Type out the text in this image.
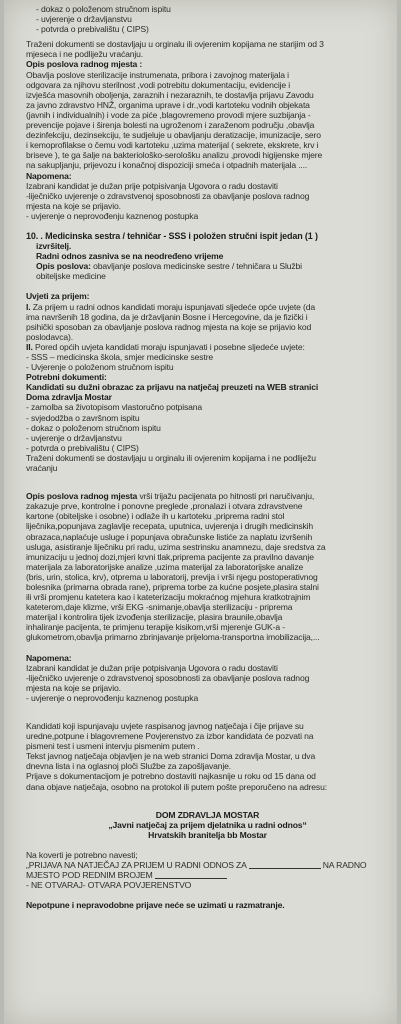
- dokaz o položenom stručnom ispitu
- uvjerenje o državljanstvu
- potvrda o prebivalištu ( CIPS)
Traženi dokumenti se dostavljaju u orginalu ili ovjerenim kopijama ne starijim od 3
mjeseca i ne podliježu vraćanju.
Opis poslova radnog mjesta :
Obavlja poslove sterilizacije instrumenata, pribora i zavojnog materijala i
odgovara za njihovu sterilnost ,vodi potrebitu dokumentaciju, evidencije i
izvješća masovnih oboljenja, zaraznih i nezaraznih, te dostavlja prijavu Zavodu
za javno zdravstvo HNŽ, organima uprave i dr.,vodi kartoteku vodnih objekata
(javnih i individualnih) i vode za piće ,blagovremeno provodi mjere suzbijanja -
prevencije pojave i širenja bolesti na ugroženom i zaraženom području ,obavlja
dezinfekciju, dezinsekciju, te sudjeluje u obavljanju deratizacije, imunizacije, sero
i kemoprofilakse o čemu vodi kartoteku ,uzima materijal ( sekrete, ekskrete, krv i
briseve ), te ga šalje na bakteriološko-serološku analizu ,provodi higijenske mjere
na sakupljanju, prijevozu i konačnoj dispoziciji smeća i otpadnih materijala ....
Napomena:
Izabrani kandidat je dužan prije potpisivanja Ugovora o radu dostaviti
-liječničko uvjerenje o zdravstvenoj sposobnosti za obavljanje poslova radnog
mjesta na koje se prijavio.
- uvjerenje o neprovođenju kaznenog postupka
10. . Medicinska sestra / tehničar - SSS i položen stručni ispit jedan (1 )
izvršitelj.
Radni odnos zasniva se na neodređeno vrijeme
Opis poslova: obavljanje poslova medicinske sestre / tehničara u Službi
obiteljske medicine
Uvjeti za prijem:
I. Za prijem u radni odnos kandidati moraju ispunjavati sljedeće opće uvjete (da
ima navršenih 18 godina, da je državljanin Bosne i Hercegovine, da je fizički i
psihički sposoban za obavljanje poslova radnog mjesta na koje se prijavio kod
poslodavca).
II. Pored općih uvjeta kandidati moraju ispunjavati i posebne sljedeće uvjete:
- SSS – medicinska škola, smjer medicinske sestre
- Uvjerenje o položenom stručnom ispitu
Potrebni dokumenti:
Kandidati su dužni obrazac za prijavu na natječaj preuzeti na WEB stranici
Doma zdravlja Mostar
- zamolba sa životopisom vlastoručno potpisana
- svjedodžba o završnom ispitu
- dokaz o položenom stručnom ispitu
- uvjerenje o državljanstvu
- potvrda o prebivalištu ( CIPS)
Traženi dokumenti se dostavljaju u orginalu ili ovjerenim kopijama i ne podliježu
vraćanju
Opis poslova radnog mjesta vrši trijažu pacijenata po hitnosti pri naručivanju,
zakazuje prve, kontrolne i ponovne preglede ,pronalazi i otvara zdravstvene
kartone (obiteljske i osobne) i odlaže ih u kartoteku ,priprema radni stol
liječnika,popunjava zaglavlje recepata, uputnica, uvjerenja i drugih medicinskih
obrazaca,naplaćuje usluge i popunjava obračunske listiće za naplatu izvršenih
usluga, asistiranje liječniku pri radu, uzima sestrinsku anamnezu, daje sredstva za
imunizaciju u jednoj dozi,mjeri krvni tlak,priprema pacijente za pravilno davanje
materijala za laboratorijske analize ,uzima materijal za laboratorijske analize
(bris, urin, stolica, krv), otprema u laboratorij, previja i vrši njegu postoperativnog
bolesnika (primarna obrada rane), priprema torbe za kućne posjete,plasira stalni
ili vrši promjenu katetera kao i kateterizaciju mokraćnog mjehura kratkotrajnim
kateterom,daje klizme, vrši EKG -snimanje,obavlja sterilizaciju - priprema
materijal i kontrolira tijek izvođenja sterilizacije, plasira braunile,obavlja
inhaliranje pacijenta, te primjenu terapije kisikom,vrši mjerenje GUK-a -
glukometrom,obavlja primarno zbrinjavanje prijeloma-transportna imobilizacija,...
Napomena:
Izabrani kandidat je dužan prije potpisivanja Ugovora o radu dostaviti
-liječničko uvjerenje o zdravstvenoj sposobnosti za obavljanje poslova radnog
mjesta na koje se prijavio.
- uvjerenje o neprovođenju kaznenog postupka
Kandidati koji ispunjavaju uvjete raspisanog javnog natječaja i čije prijave su
uredne,potpune i blagovremene Povjerenstvo za izbor kandidata će pozvati na
pismeni test i usmeni intervju pismenim putem .
Tekst javnog natječaja objavljen je na web stranici Doma zdravlja Mostar, u dva
dnevna lista i na oglasnoj ploči Službe za zapošljavanje.
Prijave s dokumentacijom je potrebno dostaviti najkasnije u roku od 15 dana od
dana objave natječaja, osobno na protokol ili putem pošte preporučeno na adresu:
DOM ZDRAVLJA MOSTAR
„Javni natječaj za prijem djelatnika u radni odnos“
Hrvatskih branitelja bb Mostar
Na koverti je potrebno navesti;
„PRIJAVA NA NATJEČAJ ZA PRIJEM U RADNI ODNOS ZA	NA RADNO
MJESTO POD REDNIM BROJEM
- NE OTVARAJ- OTVARA POVJERENSTVO
Nepotpune i nepravodobne prijave neće se uzimati u razmatranje.
